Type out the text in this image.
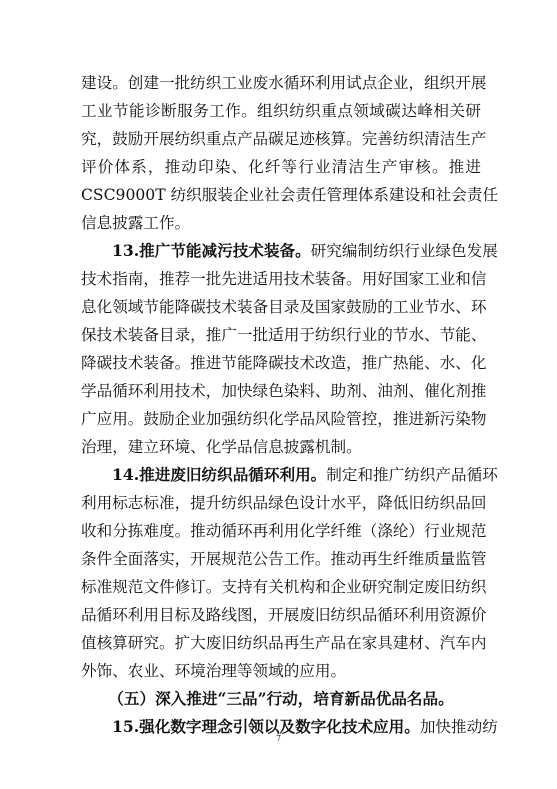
建设。创建一批纺织工业废水循环利用试点企业，组织开展
工业节能诊断服务工作。组织纺织重点领域碳达峰相关研
究，鼓励开展纺织重点产品碳足迹核算。完善纺织清洁生产
评价体系，推动印染、化纤等行业清洁生产审核。推进
CSC9000T 纺织服装企业社会责任管理体系建设和社会责任
信息披露工作。
13.推广节能减污技术装备。研究编制纺织行业绿色发展
技术指南，推荐一批先进适用技术装备。用好国家工业和信
息化领域节能降碳技术装备目录及国家鼓励的工业节水、环
保技术装备目录，推广一批适用于纺织行业的节水、节能、
降碳技术装备。推进节能降碳技术改造，推广热能、水、化
学品循环利用技术，加快绿色染料、助剂、油剂、催化剂推
广应用。鼓励企业加强纺织化学品风险管控，推进新污染物
治理，建立环境、化学品信息披露机制。
14.推进废旧纺织品循环利用。制定和推广纺织产品循环
利用标志标准，提升纺织品绿色设计水平，降低旧纺织品回
收和分拣难度。推动循环再利用化学纤维（涤纶）行业规范
条件全面落实，开展规范公告工作。推动再生纤维质量监管
标准规范文件修订。支持有关机构和企业研究制定废旧纺织
品循环利用目标及路线图，开展废旧纺织品循环利用资源价
值核算研究。扩大废旧纺织品再生产品在家具建材、汽车内
外饰、农业、环境治理等领域的应用。
（五）深入推进“三品”行动，培育新品优品名品。
15.强化数字理念引领以及数字化技术应用。加快推动纺
7
